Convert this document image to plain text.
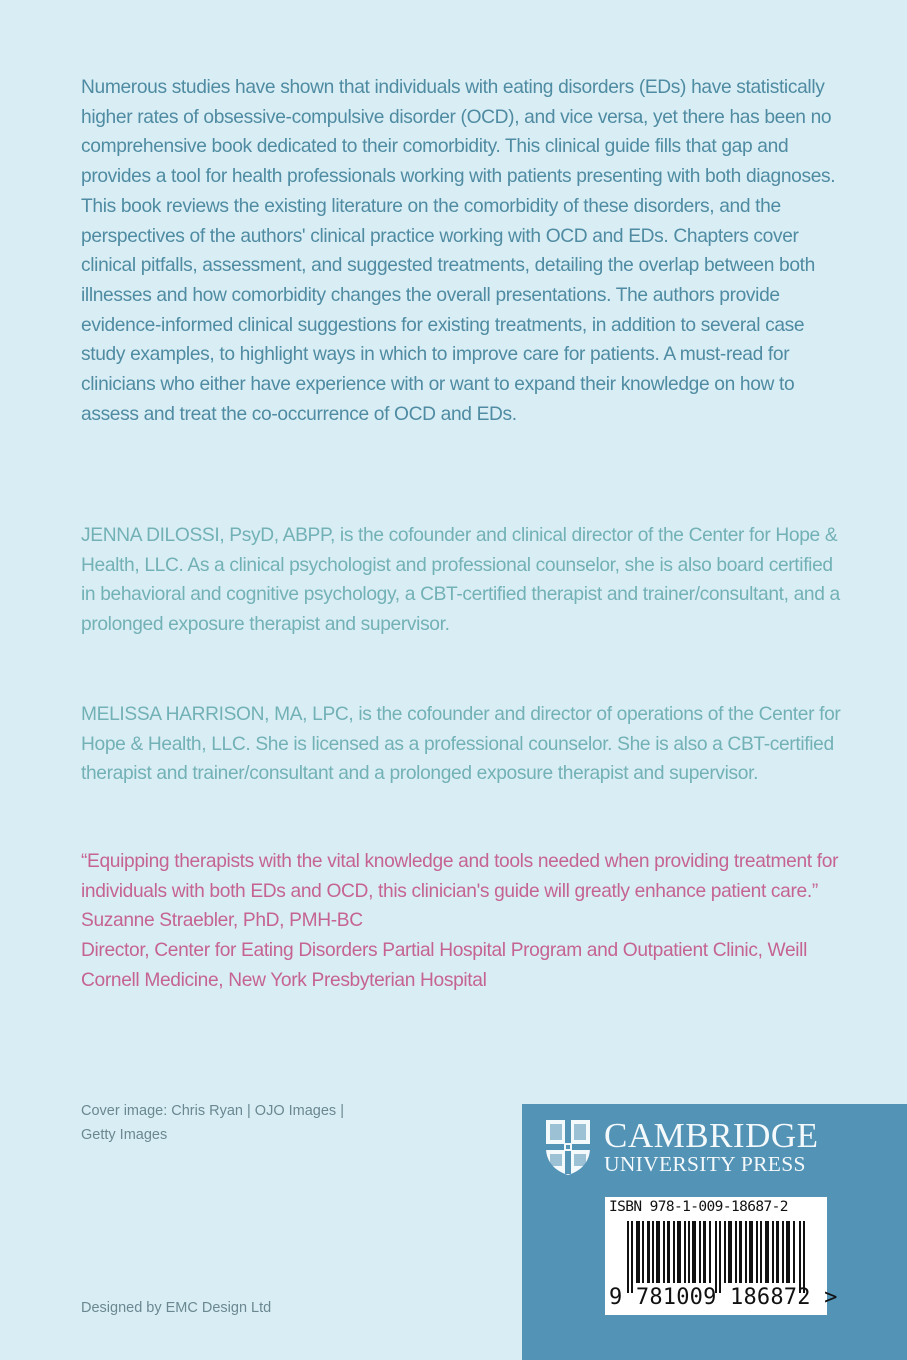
Numerous studies have shown that individuals with eating disorders (EDs) have statistically higher rates of obsessive-compulsive disorder (OCD), and vice versa, yet there has been no comprehensive book dedicated to their comorbidity. This clinical guide fills that gap and provides a tool for health professionals working with patients presenting with both diagnoses. This book reviews the existing literature on the comorbidity of these disorders, and the perspectives of the authors' clinical practice working with OCD and EDs. Chapters cover clinical pitfalls, assessment, and suggested treatments, detailing the overlap between both illnesses and how comorbidity changes the overall presentations. The authors provide evidence-informed clinical suggestions for existing treatments, in addition to several case study examples, to highlight ways in which to improve care for patients. A must-read for clinicians who either have experience with or want to expand their knowledge on how to assess and treat the co-occurrence of OCD and EDs.

JENNA DILOSSI, PsyD, ABPP, is the cofounder and clinical director of the Center for Hope & Health, LLC. As a clinical psychologist and professional counselor, she is also board certified in behavioral and cognitive psychology, a CBT-certified therapist and trainer/consultant, and a prolonged exposure therapist and supervisor.

MELISSA HARRISON, MA, LPC, is the cofounder and director of operations of the Center for Hope & Health, LLC. She is licensed as a professional counselor. She is also a CBT-certified therapist and trainer/consultant and a prolonged exposure therapist and supervisor.

“Equipping therapists with the vital knowledge and tools needed when providing treatment for individuals with both EDs and OCD, this clinician's guide will greatly enhance patient care.”
Suzanne Straebler, PhD, PMH-BC
Director, Center for Eating Disorders Partial Hospital Program and Outpatient Clinic, Weill Cornell Medicine, New York Presbyterian Hospital
Cover image: Chris Ryan | OJO Images | Getty Images
Designed by EMC Design Ltd
CAMBRIDGE
UNIVERSITY PRESS
ISBN 978-1-009-18687-2
9 781009 186872 >
